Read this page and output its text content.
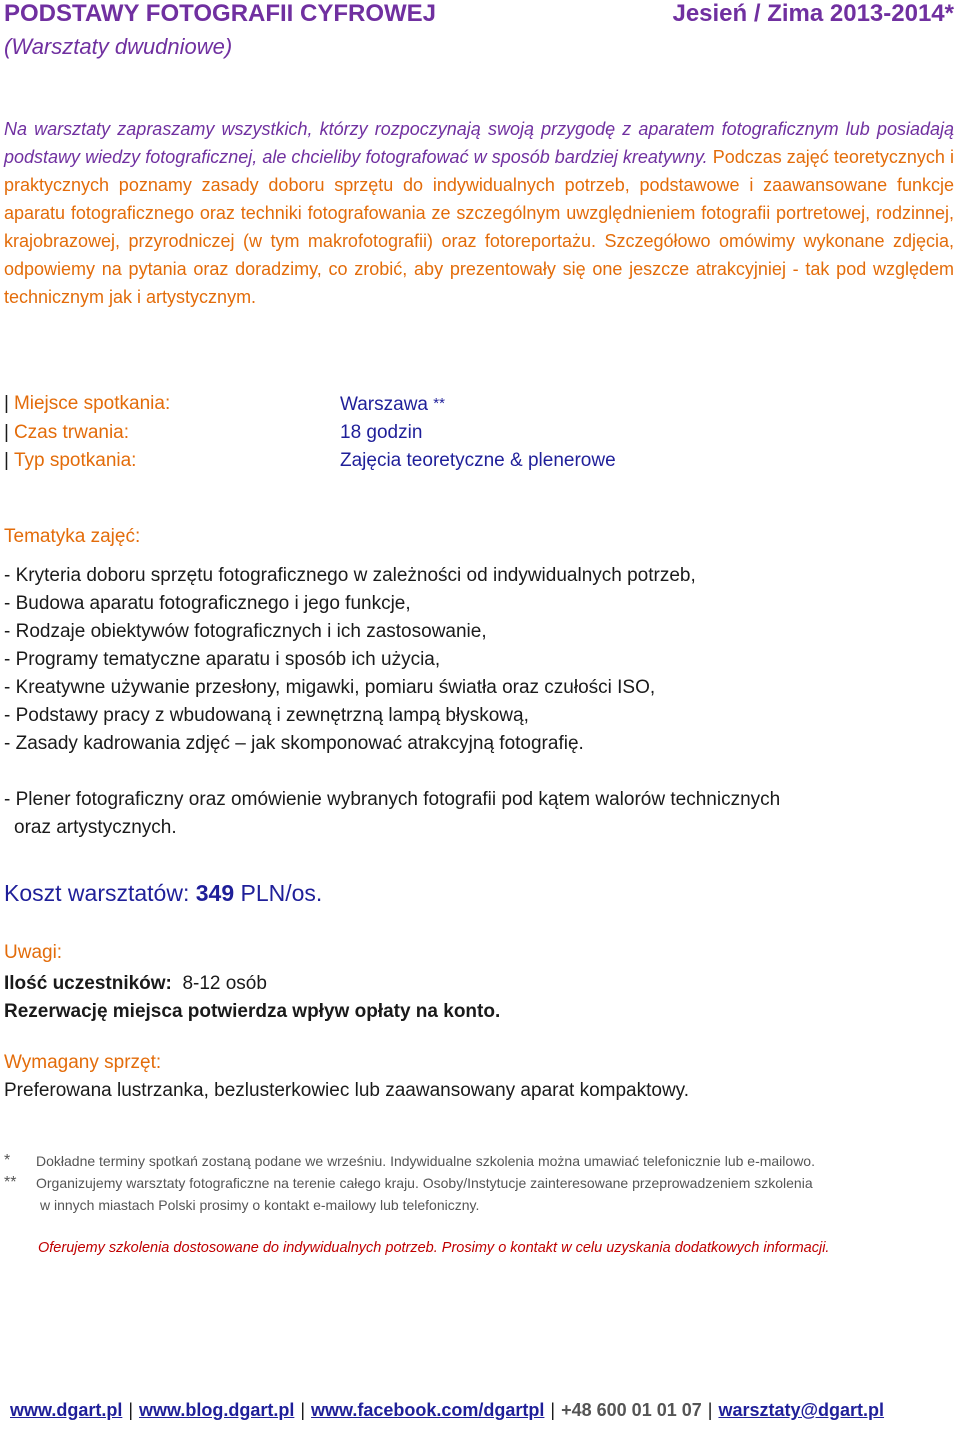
PODSTAWY FOTOGRAFII CYFROWEJ	Jesień / Zima 2013-2014*
(Warsztaty dwudniowe)
Na warsztaty zapraszamy wszystkich, którzy rozpoczynają swoją przygodę z aparatem fotograficznym lub posiadają podstawy wiedzy fotograficznej, ale chcieliby fotografować w sposób bardziej kreatywny. Podczas zajęć teoretycznych i praktycznych poznamy zasady doboru sprzętu do indywidualnych potrzeb, podstawowe i zaawansowane funkcje aparatu fotograficznego oraz techniki fotografowania ze szczególnym uwzględnieniem fotografii portretowej, rodzinnej, krajobrazowej, przyrodniczej (w tym makrofotografii) oraz fotoreportażu. Szczegółowo omówimy wykonane zdjęcia, odpowiemy na pytania oraz doradzimy, co zrobić, aby prezentowały się one jeszcze atrakcyjniej - tak pod względem technicznym jak i artystycznym.
| Miejsce spotkania:	Warszawa **
| Czas trwania:	18 godzin
| Typ spotkania:	Zajęcia teoretyczne & plenerowe
Tematyka zajęć:
- Kryteria doboru sprzętu fotograficznego w zależności od indywidualnych potrzeb,
- Budowa aparatu fotograficznego i jego funkcje,
- Rodzaje obiektywów fotograficznych i ich zastosowanie,
- Programy tematyczne aparatu i sposób ich użycia,
- Kreatywne używanie przesłony, migawki, pomiaru światła oraz czułości ISO,
- Podstawy pracy z wbudowaną i zewnętrzną lampą błyskową,
- Zasady kadrowania zdjęć – jak skomponować atrakcyjną fotografię.
- Plener fotograficzny oraz omówienie wybranych fotografii pod kątem walorów technicznych
oraz artystycznych.
Koszt warsztatów: 349 PLN/os.
Uwagi:
Ilość uczestników: 8-12 osób
Rezerwację miejsca potwierdza wpływ opłaty na konto.
Wymagany sprzęt:
Preferowana lustrzanka, bezlusterkowiec lub zaawansowany aparat kompaktowy.
*	Dokładne terminy spotkań zostaną podane we wrześniu. Indywidualne szkolenia można umawiać telefonicznie lub e-mailowo.
**	Organizujemy warsztaty fotograficzne na terenie całego kraju. Osoby/Instytucje zainteresowane przeprowadzeniem szkolenia
w innych miastach Polski prosimy o kontakt e-mailowy lub telefoniczny.
Oferujemy szkolenia dostosowane do indywidualnych potrzeb. Prosimy o kontakt w celu uzyskania dodatkowych informacji.
www.dgart.pl | www.blog.dgart.pl | www.facebook.com/dgartpl | +48 600 01 01 07 | warsztaty@dgart.pl
